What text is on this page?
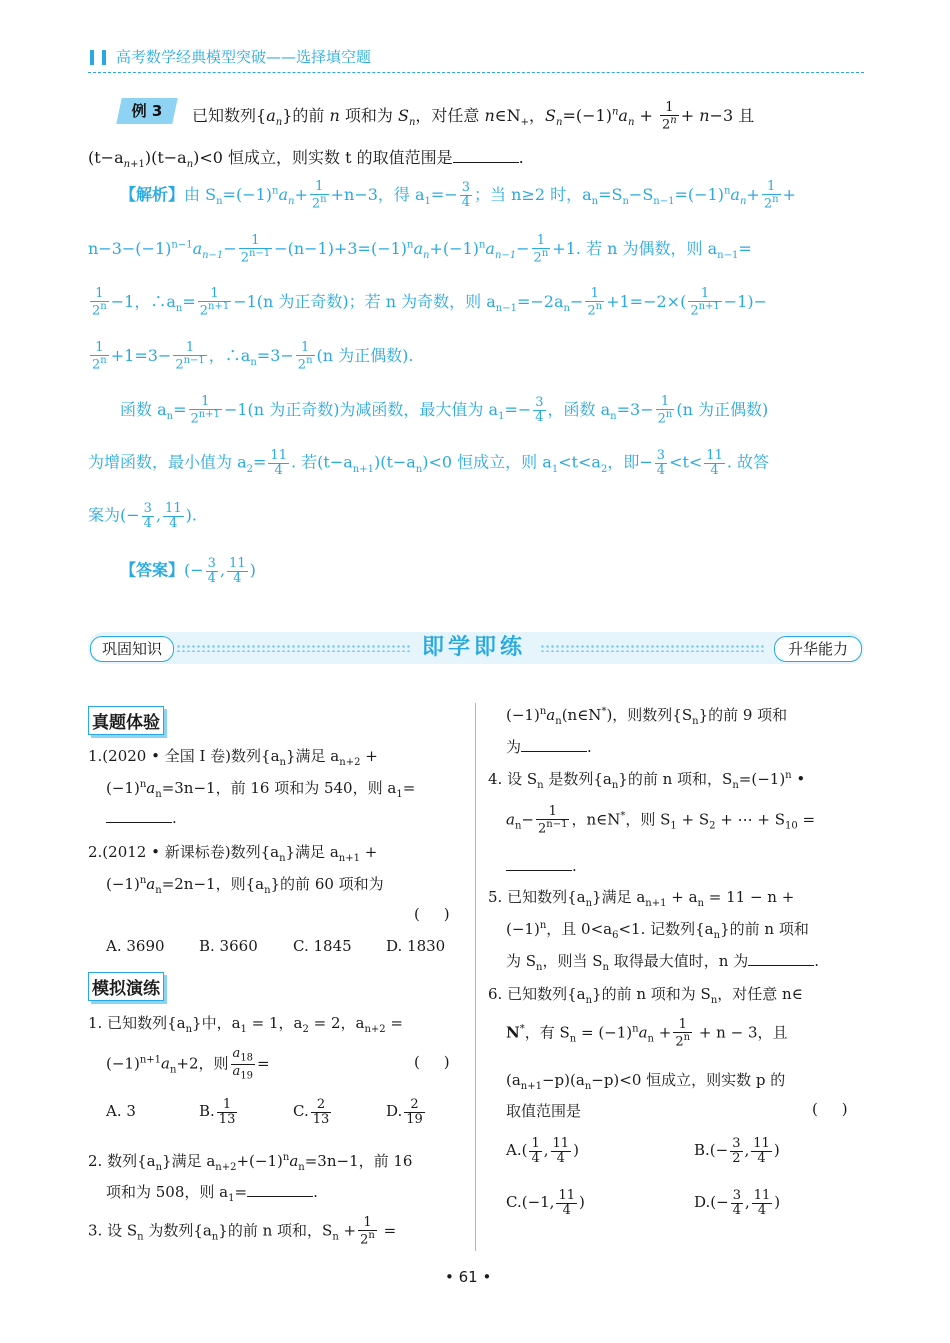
高考数学经典模型突破——选择填空题
例 3	已知数列$\{a_n\}$的前 n 项和为 $S_n$，对任意 $n\in N_+$，$S_n=(-1)^na_n + \frac{1}{2^n} + n-3$ 且
$(t-a_{n+1})(t-a_n)<0$ 恒成立，则实数 t 的取值范围是	.
【解析】由 $S_n=(-1)^na_n+ \frac{1}{2^n} +n-3$，得 $a_1=- \frac{3}{4}$ ；当 n≥2 时，$a_n=S_n-S_{n-1}=(-1)^na_n+ \frac{1}{2^n}$ +
$n-3-(-1)^{n-1}a_{n-1}- \frac{1}{2^{n-1}} -(n-1)+3=(-1)^na_n+(-1)^na_{n-1}- \frac{1}{2^n} +1$. 若 n 为偶数，则 $a_{n-1}=$
$\frac{1}{2^n} -1$，$\therefore a_n= \frac{1}{2^{n+1}} -1(n$ 为正奇数)；若 n 为奇数，则 $a_{n-1}=-2a_n- \frac{1}{2^n} +1=-2\times( \frac{1}{2^{n+1}} -1)-$
$\frac{1}{2^n} +1=3- \frac{1}{2^{n-1}}$ ，$\therefore a_n=3- \frac{1}{2^n} (n$ 为正偶数).
函数 $a_n= \frac{1}{2^{n+1}} -1(n$ 为正奇数)为减函数，最大值为 $a_1=- \frac{3}{4}$ ，函数 $a_n=3- \frac{1}{2^n} (n$ 为正偶数)
为增函数，最小值为 $a_2= \frac{11}{4}$ . 若$(t-a_{n+1})(t-a_n)<0$ 恒成立，则 $a_1<t<a_2$，即− $\frac{3}{4} <t< \frac{11}{4}$ . 故答
案为(− $\frac{3}{4}$ , $\frac{11}{4}$ ).
【答案】(− $\frac{3}{4}$ , $\frac{11}{4}$ )
巩固知识	即学即练	升华能力
真题体验
1.(2020 • 全国 Ⅰ 卷)数列$\{a_n\}$满足 $a_{n+2}$ +
$(-1)^na_n=3n-1$，前 16 项和为 540，则 $a_1=$
.
2.(2012 • 新课标卷)数列$\{a_n\}$满足 $a_{n+1}$ +
$(-1)^na_n=2n-1$，则$\{a_n\}$的前 60 项和为
(     )
A. 3690 B. 3660 C. 1845 D. 1830
模拟演练
1. 已知数列$\{a_n\}$中，$a_1 = 1$，$a_2 = 2$，$a_{n+2}$ =
$(-1)^{n+1}a_n+2$，则 $\frac{a_{18}}{a_{19}}$ =	(     )
A. 3	B. $\frac{1}{13}$	C. $\frac{2}{13}$	D. $\frac{2}{19}$
2. 数列$\{a_n\}$满足 $a_{n+2}+(-1)^na_n=3n-1$，前 16
项和为 508，则 $a_1=$	.
3. 设 $S_n$ 为数列$\{a_n\}$的前 n 项和，$S_n + \frac{1}{2^n}$ =
$(-1)^na_n(n\in N^*)$，则数列$\{S_n\}$的前 9 项和
为	.
4. 设 $S_n$ 是数列$\{a_n\}$的前 n 项和，$S_n=(-1)^n$ •
$a_n- \frac{1}{2^{n-1}}$ ，n∈N*，则 $S_1 + S_2$ + ⋯ + $S_{10}$ =
.
5. 已知数列$\{a_n\}$满足 $a_{n+1} + a_n = 11 - n$ +
$(-1)^n$，且 $0<a_6<1$. 记数列$\{a_n\}$的前 n 项和
为 $S_n$，则当 $S_n$ 取得最大值时，n 为	.
6. 已知数列$\{a_n\}$的前 n 项和为 $S_n$，对任意 n∈
N*，有 $S_n = (-1)^na_n + \frac{1}{2^n} + n - 3$，且
$(a_{n+1}-p)(a_n-p)<0$ 恒成立，则实数 p 的
取值范围是	(     )
$A.( \frac{1}{4}$ , $\frac{11}{4}$ )	$B.(- \frac{3}{2}$ , $\frac{11}{4}$ )
C.(−1, $\frac{11}{4}$ )	$D.(- \frac{3}{4}$ , $\frac{11}{4}$ )
• 61 •
